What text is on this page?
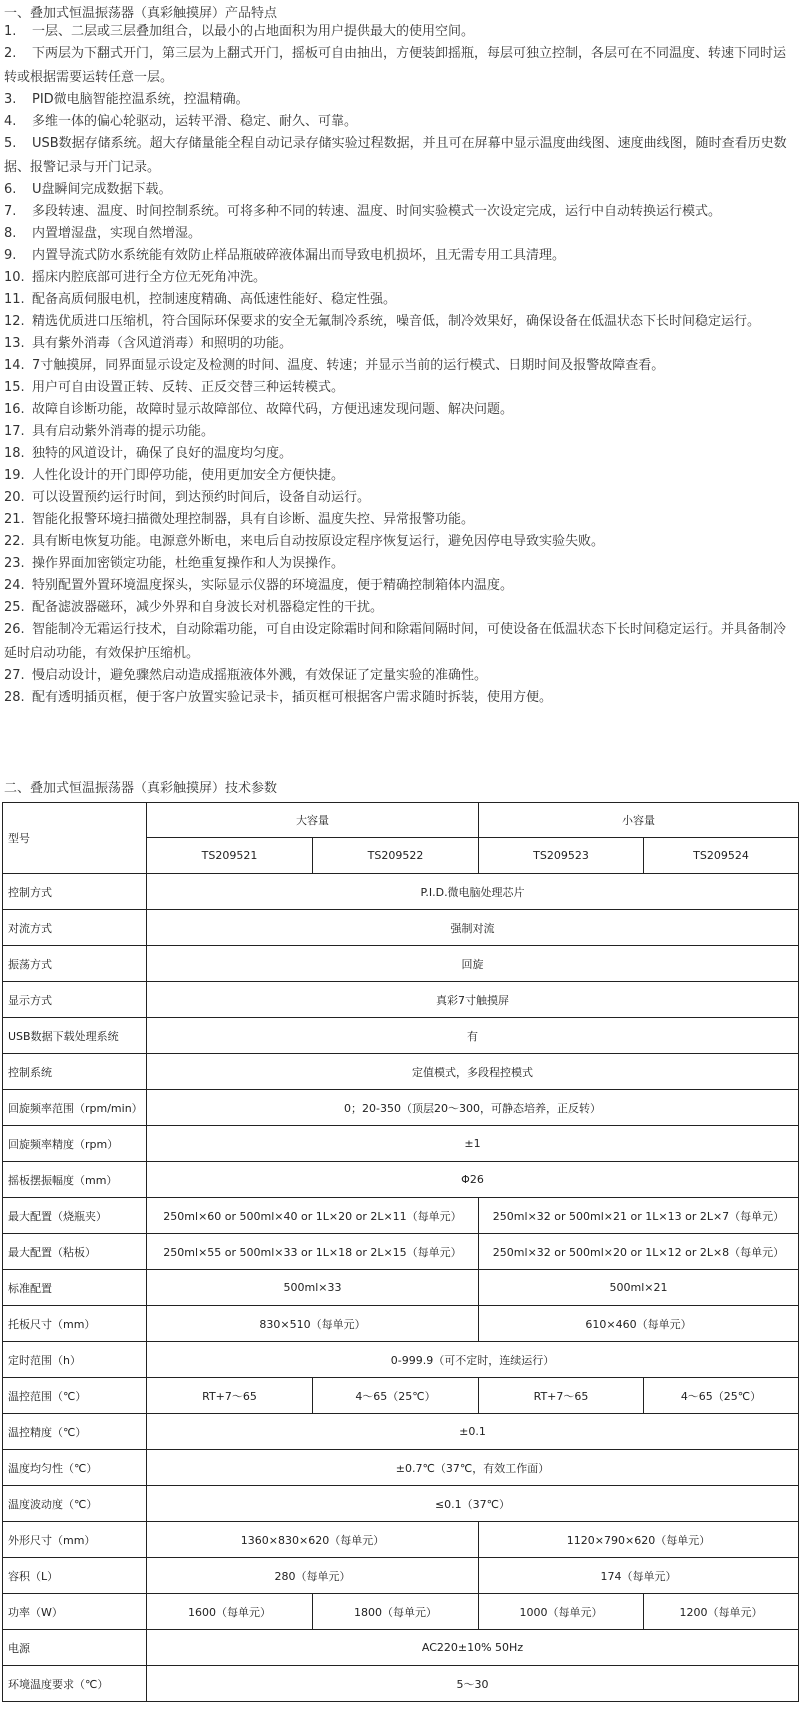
一、叠加式恒温振荡器（真彩触摸屏）产品特点
1. 一层、二层或三层叠加组合，以最小的占地面积为用户提供最大的使用空间。
2. 下两层为下翻式开门，第三层为上翻式开门，摇板可自由抽出，方便装卸摇瓶，每层可独立控制，各层可在不同温度、转速下同时运转或根据需要运转任意一层。
3. PID微电脑智能控温系统，控温精确。
4. 多维一体的偏心轮驱动，运转平滑、稳定、耐久、可靠。
5. USB数据存储系统。超大存储量能全程自动记录存储实验过程数据，并且可在屏幕中显示温度曲线图、速度曲线图，随时查看历史数据、报警记录与开门记录。
6. U盘瞬间完成数据下载。
7. 多段转速、温度、时间控制系统。可将多种不同的转速、温度、时间实验模式一次设定完成，运行中自动转换运行模式。
8. 内置增湿盘，实现自然增湿。
9. 内置导流式防水系统能有效防止样品瓶破碎液体漏出而导致电机损坏，且无需专用工具清理。
10. 摇床内腔底部可进行全方位无死角冲洗。
11. 配备高质伺服电机，控制速度精确、高低速性能好、稳定性强。
12. 精选优质进口压缩机，符合国际环保要求的安全无氟制冷系统，噪音低，制冷效果好，确保设备在低温状态下长时间稳定运行。
13. 具有紫外消毒（含风道消毒）和照明的功能。
14. 7寸触摸屏，同界面显示设定及检测的时间、温度、转速；并显示当前的运行模式、日期时间及报警故障查看。
15. 用户可自由设置正转、反转、正反交替三种运转模式。
16. 故障自诊断功能，故障时显示故障部位、故障代码，方便迅速发现问题、解决问题。
17. 具有启动紫外消毒的提示功能。
18. 独特的风道设计，确保了良好的温度均匀度。
19. 人性化设计的开门即停功能，使用更加安全方便快捷。
20. 可以设置预约运行时间，到达预约时间后，设备自动运行。
21. 智能化报警环境扫描微处理控制器，具有自诊断、温度失控、异常报警功能。
22. 具有断电恢复功能。电源意外断电，来电后自动按原设定程序恢复运行，避免因停电导致实验失败。
23. 操作界面加密锁定功能，杜绝重复操作和人为误操作。
24. 特别配置外置环境温度探头，实际显示仪器的环境温度，便于精确控制箱体内温度。
25. 配备滤波器磁环，减少外界和自身波长对机器稳定性的干扰。
26. 智能制冷无霜运行技术，自动除霜功能，可自由设定除霜时间和除霜间隔时间，可使设备在低温状态下长时间稳定运行。并具备制冷延时启动功能，有效保护压缩机。
27. 慢启动设计，避免骤然启动造成摇瓶液体外溅，有效保证了定量实验的准确性。
28. 配有透明插页框，便于客户放置实验记录卡，插页框可根据客户需求随时拆装，使用方便。
二、叠加式恒温振荡器（真彩触摸屏）技术参数
型号	大容量		小容量	
	TS209521	TS209522	TS209523	TS209524
控制方式	P.I.D.微电脑处理芯片			
对流方式	强制对流			
振荡方式	回旋			
显示方式	真彩7寸触摸屏			
USB数据下载处理系统	有			
控制系统	定值模式，多段程控模式			
回旋频率范围（rpm/min）	0；20-350（顶层20～300，可静态培养，正反转）			
回旋频率精度（rpm）	±1			
摇板摆振幅度（mm）	Φ26			
最大配置（烧瓶夹）	250ml×60 or 500ml×40 or 1L×20 or 2L×11（每单元）		250ml×32 or 500ml×21 or 1L×13 or 2L×7（每单元）	
最大配置（粘板）	250ml×55 or 500ml×33 or 1L×18 or 2L×15（每单元）		250ml×32 or 500ml×20 or 1L×12 or 2L×8（每单元）	
标准配置	500ml×33		500ml×21	
托板尺寸（mm）	830×510（每单元）		610×460（每单元）	
定时范围（h）	0-999.9（可不定时，连续运行）			
温控范围（℃）	RT+7～65	4～65（25℃）	RT+7～65	4～65（25℃）
温控精度（℃）	±0.1			
温度均匀性（℃）	±0.7℃（37℃，有效工作面）			
温度波动度（℃）	≤0.1（37℃）			
外形尺寸（mm）	1360×830×620（每单元）		1120×790×620（每单元）	
容积（L）	280（每单元）		174（每单元）	
功率（W）	1600（每单元）	1800（每单元）	1000（每单元）	1200（每单元）
电源	AC220±10% 50Hz			
环境温度要求（℃）	5～30			
